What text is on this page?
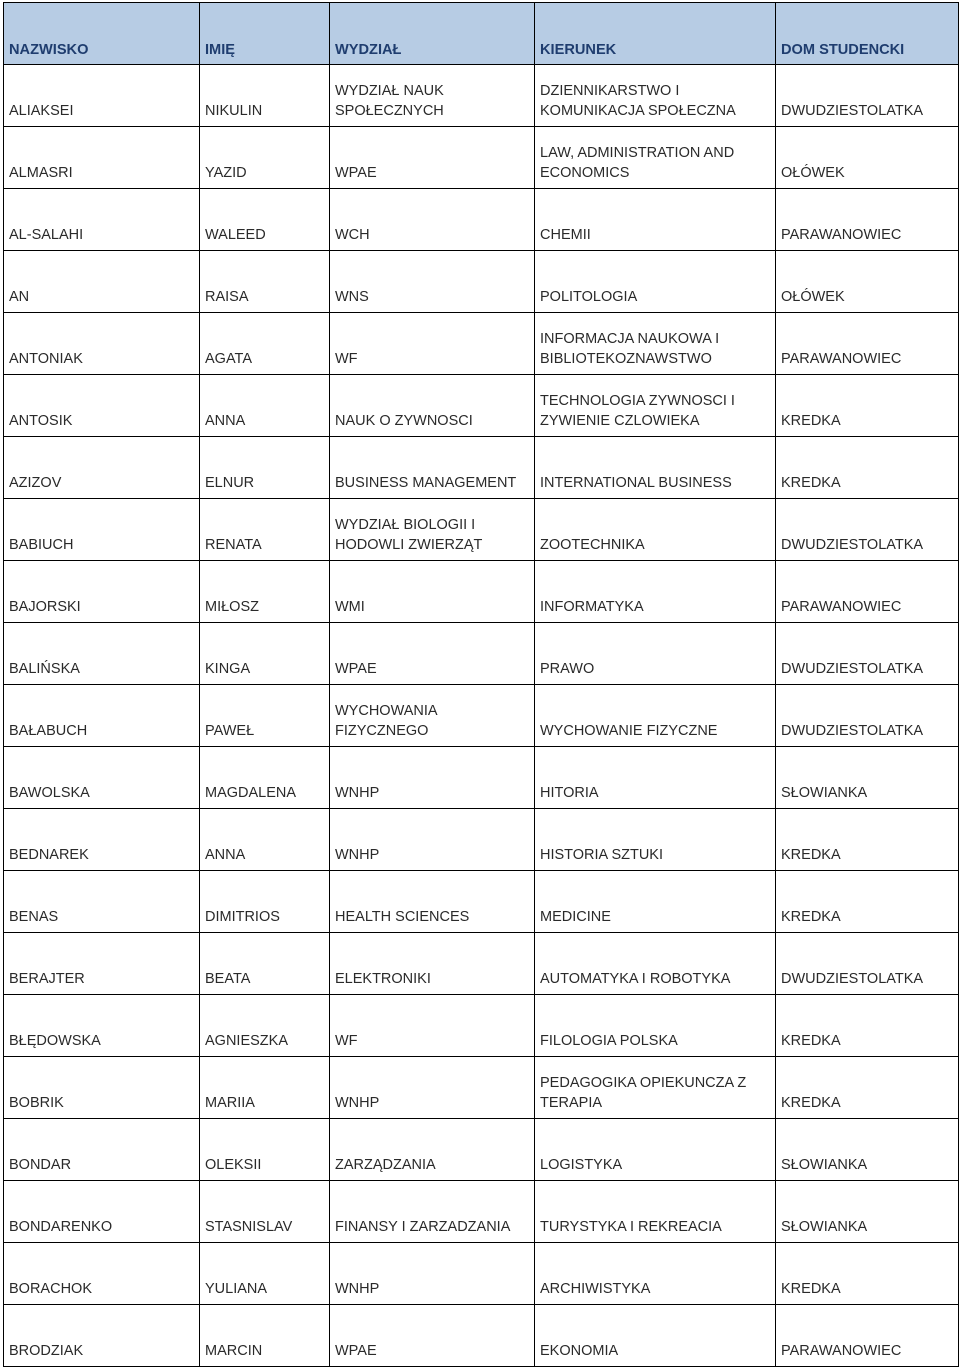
NAZWISKO	IMIĘ	WYDZIAŁ	KIERUNEK	DOM STUDENCKI
ALIAKSEI	NIKULIN	WYDZIAŁ NAUK SPOŁECZNYCH	DZIENNIKARSTWO I KOMUNIKACJA SPOŁECZNA	DWUDZIESTOLATKA
ALMASRI	YAZID	WPAE	LAW, ADMINISTRATION AND ECONOMICS	OŁÓWEK
AL-SALAHI	WALEED	WCH	CHEMII	PARAWANOWIEC
AN	RAISA	WNS	POLITOLOGIA	OŁÓWEK
ANTONIAK	AGATA	WF	INFORMACJA NAUKOWA I BIBLIOTEKOZNAWSTWO	PARAWANOWIEC
ANTOSIK	ANNA	NAUK O ZYWNOSCI	TECHNOLOGIA ZYWNOSCI I ZYWIENIE CZLOWIEKA	KREDKA
AZIZOV	ELNUR	BUSINESS MANAGEMENT	INTERNATIONAL BUSINESS	KREDKA
BABIUCH	RENATA	WYDZIAŁ BIOLOGII I HODOWLI ZWIERZĄT	ZOOTECHNIKA	DWUDZIESTOLATKA
BAJORSKI	MIŁOSZ	WMI	INFORMATYKA	PARAWANOWIEC
BALIŃSKA	KINGA	WPAE	PRAWO	DWUDZIESTOLATKA
BAŁABUCH	PAWEŁ	WYCHOWANIA FIZYCZNEGO	WYCHOWANIE FIZYCZNE	DWUDZIESTOLATKA
BAWOLSKA	MAGDALENA	WNHP	HITORIA	SŁOWIANKA
BEDNAREK	ANNA	WNHP	HISTORIA SZTUKI	KREDKA
BENAS	DIMITRIOS	HEALTH SCIENCES	MEDICINE	KREDKA
BERAJTER	BEATA	ELEKTRONIKI	AUTOMATYKA I ROBOTYKA	DWUDZIESTOLATKA
BŁĘDOWSKA	AGNIESZKA	WF	FILOLOGIA POLSKA	KREDKA
BOBRIK	MARIIA	WNHP	PEDAGOGIKA OPIEKUNCZA Z TERAPIA	KREDKA
BONDAR	OLEKSII	ZARZĄDZANIA	LOGISTYKA	SŁOWIANKA
BONDARENKO	STASNISLAV	FINANSY I ZARZADZANIA	TURYSTYKA I REKREACIA	SŁOWIANKA
BORACHOK	YULIANA	WNHP	ARCHIWISTYKA	KREDKA
BRODZIAK	MARCIN	WPAE	EKONOMIA	PARAWANOWIEC
